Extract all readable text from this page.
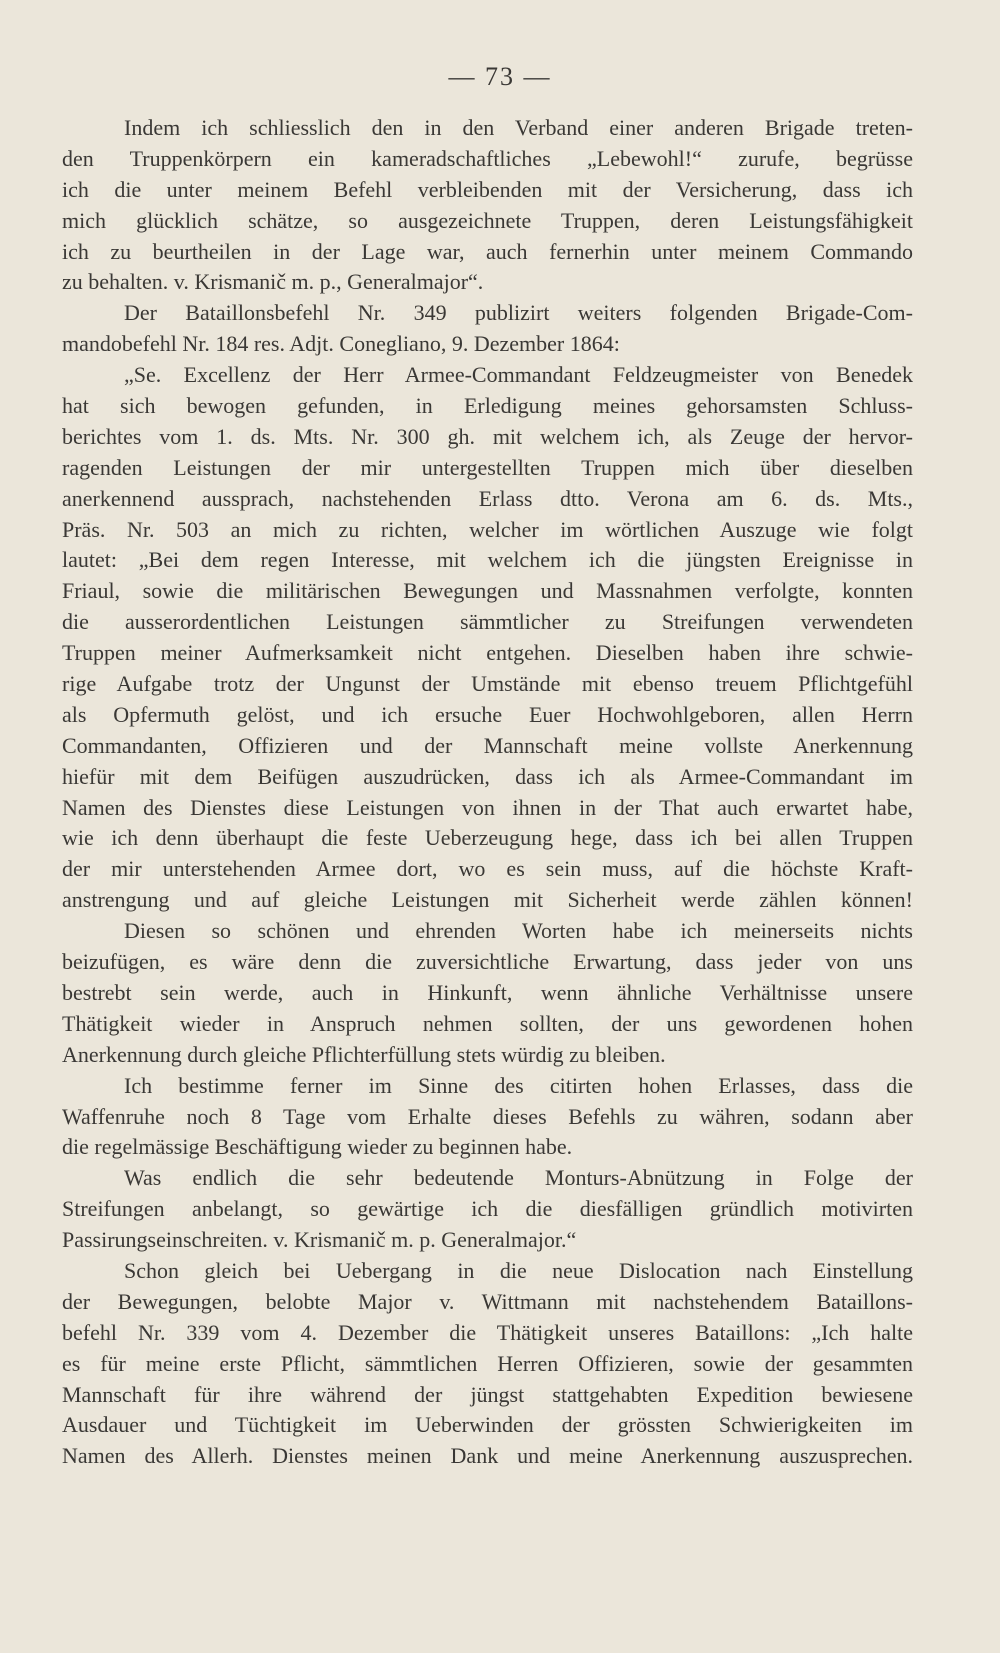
— 73 —
Indem ich schliesslich den in den Verband einer anderen Brigade treten-
den Truppenkörpern ein kameradschaftliches „Lebewohl!“ zurufe, begrüsse
ich die unter meinem Befehl verbleibenden mit der Versicherung, dass ich
mich glücklich schätze, so ausgezeichnete Truppen, deren Leistungsfähigkeit
ich zu beurtheilen in der Lage war, auch fernerhin unter meinem Commando
zu behalten. v. Krismanič m. p., Generalmajor“.
Der Bataillonsbefehl Nr. 349 publizirt weiters folgenden Brigade-Com-
mandobefehl Nr. 184 res. Adjt. Conegliano, 9. Dezember 1864:
„Se. Excellenz der Herr Armee-Commandant Feldzeugmeister von Benedek
hat sich bewogen gefunden, in Erledigung meines gehorsamsten Schluss-
berichtes vom 1. ds. Mts. Nr. 300 gh. mit welchem ich, als Zeuge der hervor-
ragenden Leistungen der mir untergestellten Truppen mich über dieselben
anerkennend aussprach, nachstehenden Erlass dtto. Verona am 6. ds. Mts.,
Präs. Nr. 503 an mich zu richten, welcher im wörtlichen Auszuge wie folgt
lautet: „Bei dem regen Interesse, mit welchem ich die jüngsten Ereignisse in
Friaul, sowie die militärischen Bewegungen und Massnahmen verfolgte, konnten
die ausserordentlichen Leistungen sämmtlicher zu Streifungen verwendeten
Truppen meiner Aufmerksamkeit nicht entgehen. Dieselben haben ihre schwie-
rige Aufgabe trotz der Ungunst der Umstände mit ebenso treuem Pflichtgefühl
als Opfermuth gelöst, und ich ersuche Euer Hochwohlgeboren, allen Herrn
Commandanten, Offizieren und der Mannschaft meine vollste Anerkennung
hiefür mit dem Beifügen auszudrücken, dass ich als Armee-Commandant im
Namen des Dienstes diese Leistungen von ihnen in der That auch erwartet habe,
wie ich denn überhaupt die feste Ueberzeugung hege, dass ich bei allen Truppen
der mir unterstehenden Armee dort, wo es sein muss, auf die höchste Kraft-
anstrengung und auf gleiche Leistungen mit Sicherheit werde zählen können!
Diesen so schönen und ehrenden Worten habe ich meinerseits nichts
beizufügen, es wäre denn die zuversichtliche Erwartung, dass jeder von uns
bestrebt sein werde, auch in Hinkunft, wenn ähnliche Verhältnisse unsere
Thätigkeit wieder in Anspruch nehmen sollten, der uns gewordenen hohen
Anerkennung durch gleiche Pflichterfüllung stets würdig zu bleiben.
Ich bestimme ferner im Sinne des citirten hohen Erlasses, dass die
Waffenruhe noch 8 Tage vom Erhalte dieses Befehls zu währen, sodann aber
die regelmässige Beschäftigung wieder zu beginnen habe.
Was endlich die sehr bedeutende Monturs-Abnützung in Folge der
Streifungen anbelangt, so gewärtige ich die diesfälligen gründlich motivirten
Passirungseinschreiten. v. Krismanič m. p. Generalmajor.“
Schon gleich bei Uebergang in die neue Dislocation nach Einstellung
der Bewegungen, belobte Major v. Wittmann mit nachstehendem Bataillons-
befehl Nr. 339 vom 4. Dezember die Thätigkeit unseres Bataillons: „Ich halte
es für meine erste Pflicht, sämmtlichen Herren Offizieren, sowie der gesammten
Mannschaft für ihre während der jüngst stattgehabten Expedition bewiesene
Ausdauer und Tüchtigkeit im Ueberwinden der grössten Schwierigkeiten im
Namen des Allerh. Dienstes meinen Dank und meine Anerkennung auszusprechen.
